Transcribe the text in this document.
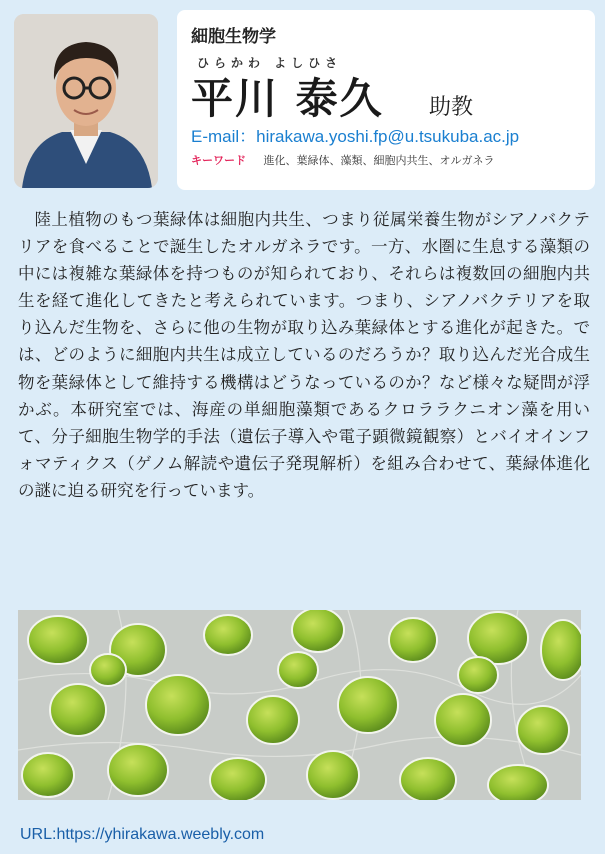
細胞生物学
ひらかわ よしひさ
平川 泰久 助教
E-mail：hirakawa.yoshi.fp@u.tsukuba.ac.jp
キーワード 進化、葉緑体、藻類、細胞内共生、オルガネラ

陸上植物のもつ葉緑体は細胞内共生、つまり従属栄養生物がシアノバクテリアを食べることで誕生したオルガネラです。一方、水圏に生息する藻類の中には複雑な葉緑体を持つものが知られており、それらは複数回の細胞内共生を経て進化してきたと考えられています。つまり、シアノバクテリアを取り込んだ生物を、さらに他の生物が取り込み葉緑体とする進化が起きた。では、どのように細胞内共生は成立しているのだろうか？取り込んだ光合成生物を葉緑体として維持する機構はどうなっているのか？など様々な疑問が浮かぶ。本研究室では、海産の単細胞藻類であるクロララクニオン藻を用いて、分子細胞生物学的手法（遺伝子導入や電子顕微鏡観察）とバイオインフォマティクス（ゲノム解読や遺伝子発現解析）を組み合わせて、葉緑体進化の謎に迫る研究を行っています。

URL:https://yhirakawa.weebly.com
